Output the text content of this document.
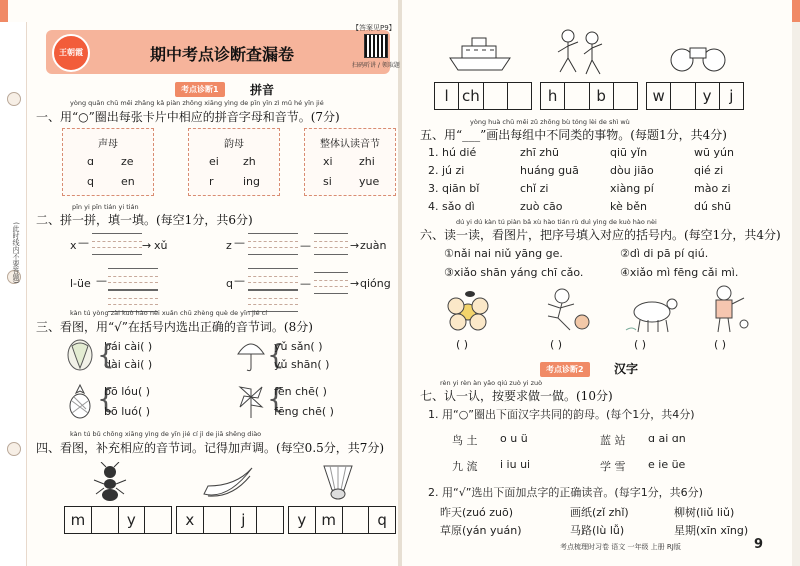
(此时线内不要答题)
王朝霞	期中考点诊断查漏卷
扫码听讲 / 领取题
【答案见P9】
考点诊断1	拼音
yòng quān chū měi zhāng kǎ piàn zhōng xiāng yìng de pīn yīn zì mǔ hé yīn jié
一、用“○”圈出每张卡片中相应的拼音字母和音节。(7分)
声母
ɑ ze
q en
韵母
ei zh
r	ing
整体认读音节
xi zhi
si yue
pīn yi pīn tián yi tián
二、拼一拼，填一填。(每空1分，共6分)
x —	→ xǔ	z —	—	→ zuàn
l-üe —	q —	—	→ qióng
kàn tú yòng zài kuò hào nèi xuǎn chū zhèng què de yīn jié cí
三、看图，用“√”在括号内选出正确的音节词。(8分)
bái cài( )
dài cài( )
{	{
yǔ sǎn( )
yǔ shān( )
{
bō lóu( )
bō luó( )	{
fēn chē( )
fēng chē( )
kàn tú bǔ chōng xiāng yìng de yīn jié cí jì de jiā shēng diào
四、看图，补充相应的音节词。记得加声调。(每空0.5分，共7分)
m	y	x	j	y	m	q
l ch	h	b	w	y	j
yòng huà chū měi zǔ zhōng bù tóng lèi de shì wù
五、用“___”画出每组中不同类的事物。(每题1分，共4分)
1. hú dié	zhī zhū	qiū yǐn	wū yún
2. jú zi	huáng guā	dòu jiāo	qié zi
3. qiān bǐ	chǐ zi	xiàng pí	mào zi
4. sǎo dì	zuò cāo	kè běn	dú shū
dú yi dú kàn tú piàn bǎ xù hào tián rù duì yìng de kuò hào nèi
六、读一读，看图片，把序号填入对应的括号内。(每空1分，共4分)
①nǎi nai niǔ yāng ge.	②dì di pā pí qiú.
③xiǎo shān yáng chī cǎo.	④xiǎo mì fēng cǎi mì.
( )	( )	( )	( )
考点诊断2	汉字
rèn yi rèn àn yāo qiú zuò yi zuò
七、认一认，按要求做一做。(10分)
1. 用“○”圈出下面汉字共同的韵母。(每个1分，共4分)
鸟 土 o u ü	蓝 站 ɑ ai ɑn
九 流 i iu ui	学 雪 e ie üe
2. 用“√”选出下面加点字的正确读音。(每字1分，共6分)
昨天(zuó zuō)	画纸(zǐ zhǐ)	柳树(liǔ liǔ)
草原(yán yuán)	马路(lù lǚ)	星期(xīn xīng)
考点梳理时习卷 语文 一年级 上册 RJ版	9
